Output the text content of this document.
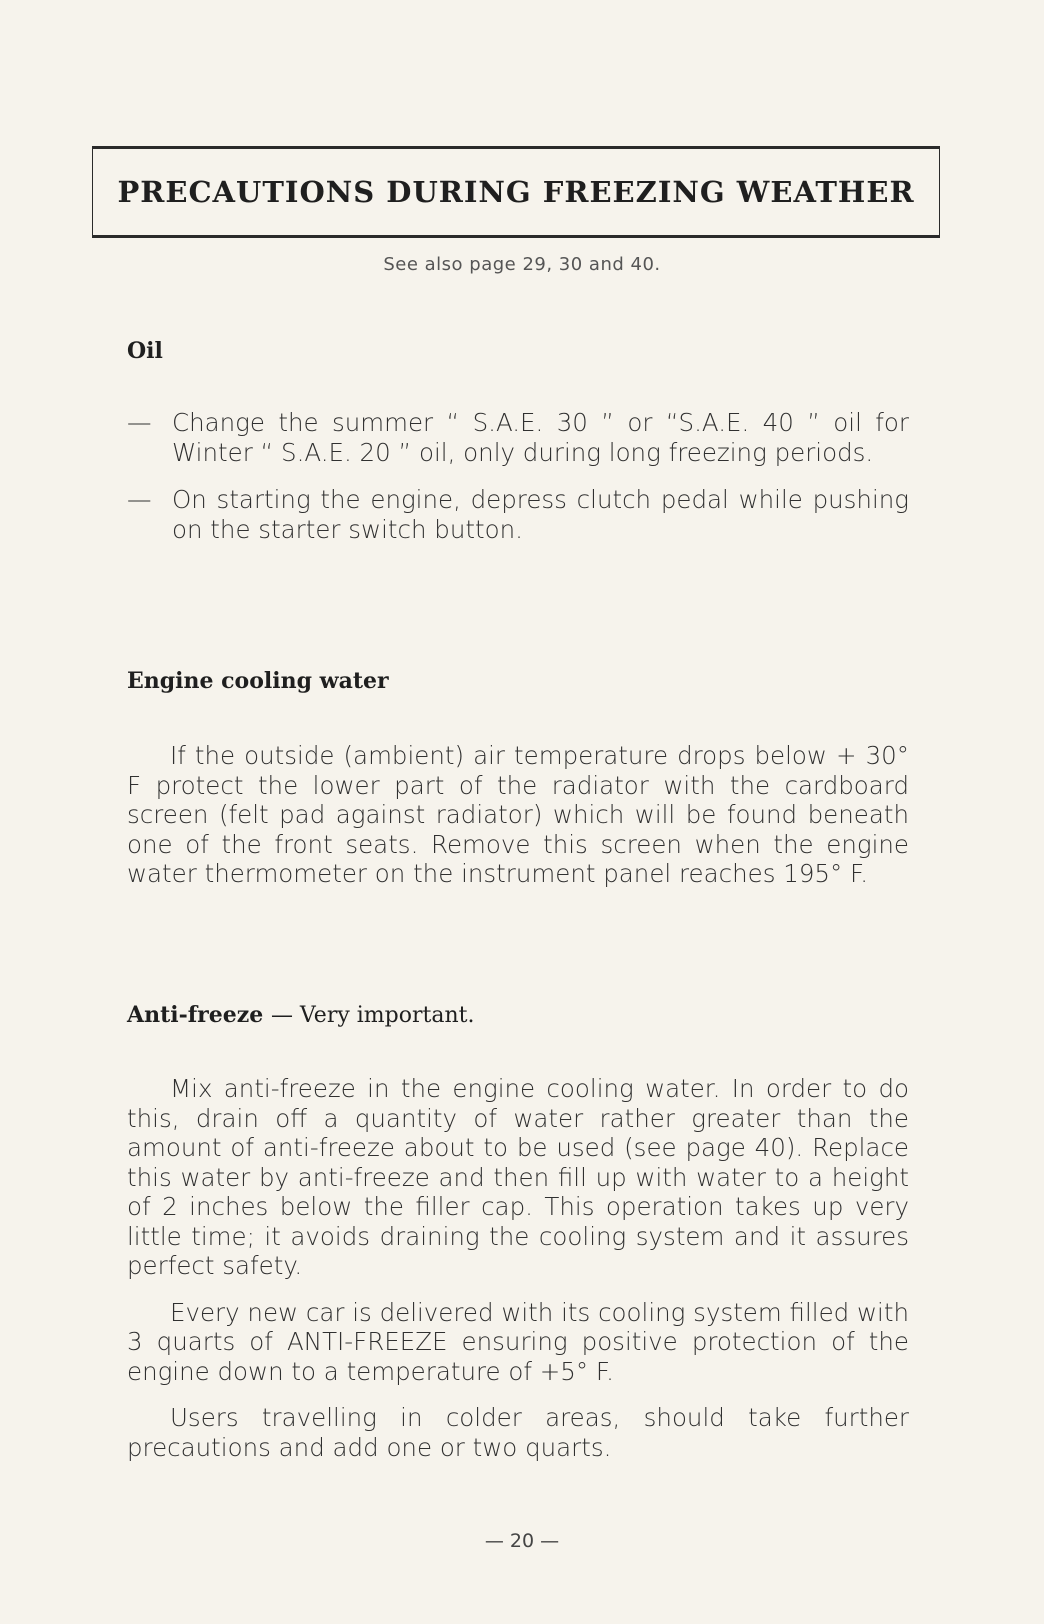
PRECAUTIONS DURING FREEZING WEATHER
See also page 29, 30 and 40.
Oil
— Change the summer “ S.A.E. 30 ” or “S.A.E. 40 ” oil for Winter “ S.A.E. 20 ” oil, only during long freezing periods.
— On starting the engine, depress clutch pedal while pushing on the starter switch button.
Engine cooling water

If the outside (ambient) air temperature drops below + 30° F protect the lower part of the radiator with the cardboard screen (felt pad against radiator) which will be found beneath one of the front seats. Remove this screen when the engine water thermometer on the instrument panel reaches 195° F.

Anti-freeze — Very important.

Mix anti-freeze in the engine cooling water. In order to do this, drain off a quantity of water rather greater than the amount of anti-freeze about to be used (see page 40). Replace this water by anti-freeze and then fill up with water to a height of 2 inches below the filler cap. This operation takes up very little time; it avoids draining the cooling system and it assures perfect safety.

Every new car is delivered with its cooling system filled with 3 quarts of ANTI-FREEZE ensuring positive protection of the engine down to a temperature of +5° F.

Users travelling in colder areas, should take further precautions and add one or two quarts.

— 20 —
